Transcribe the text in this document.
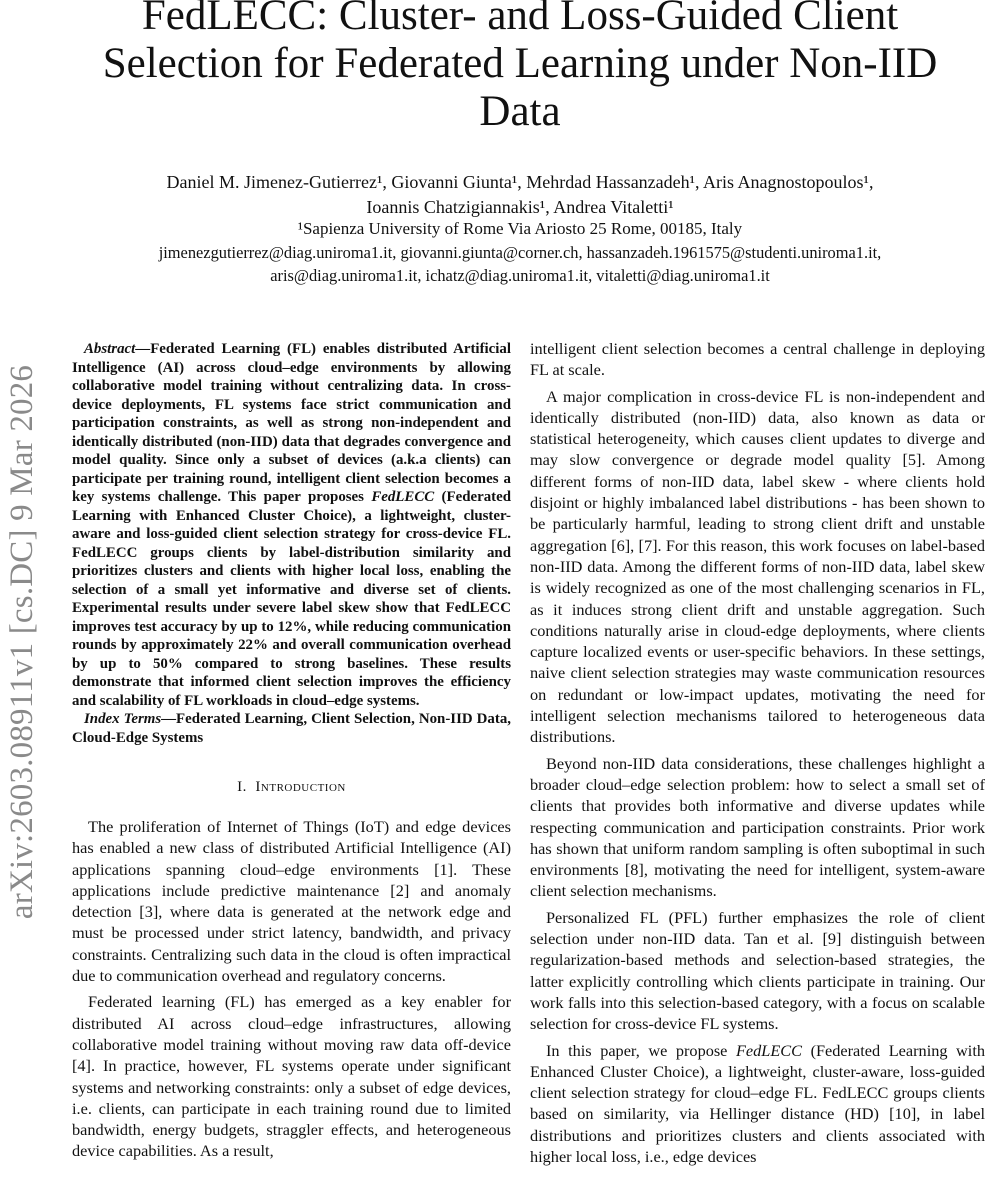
arXiv:2603.08911v1 [cs.DC] 9 Mar 2026
FedLECC: Cluster- and Loss-Guided Client Selection for Federated Learning under Non-IID Data
Daniel M. Jimenez-Gutierrez¹, Giovanni Giunta¹, Mehrdad Hassanzadeh¹, Aris Anagnostopoulos¹,
Ioannis Chatzigiannakis¹, Andrea Vitaletti¹
¹Sapienza University of Rome Via Ariosto 25 Rome, 00185, Italy
jimenezgutierrez@diag.uniroma1.it, giovanni.giunta@corner.ch, hassanzadeh.1961575@studenti.uniroma1.it,
aris@diag.uniroma1.it, ichatz@diag.uniroma1.it, vitaletti@diag.uniroma1.it

Abstract—Federated Learning (FL) enables distributed Artificial Intelligence (AI) across cloud–edge environments by allowing collaborative model training without centralizing data. In cross-device deployments, FL systems face strict communication and participation constraints, as well as strong non-independent and identically distributed (non-IID) data that degrades convergence and model quality. Since only a subset of devices (a.k.a clients) can participate per training round, intelligent client selection becomes a key systems challenge. This paper proposes FedLECC (Federated Learning with Enhanced Cluster Choice), a lightweight, cluster-aware and loss-guided client selection strategy for cross-device FL. FedLECC groups clients by label-distribution similarity and prioritizes clusters and clients with higher local loss, enabling the selection of a small yet informative and diverse set of clients. Experimental results under severe label skew show that FedLECC improves test accuracy by up to 12%, while reducing communication rounds by approximately 22% and overall communication overhead by up to 50% compared to strong baselines. These results demonstrate that informed client selection improves the efficiency and scalability of FL workloads in cloud–edge systems.

Index Terms—Federated Learning, Client Selection, Non-IID Data, Cloud-Edge Systems

I. Introduction

The proliferation of Internet of Things (IoT) and edge devices has enabled a new class of distributed Artificial Intelligence (AI) applications spanning cloud–edge environments [1]. These applications include predictive maintenance [2] and anomaly detection [3], where data is generated at the network edge and must be processed under strict latency, bandwidth, and privacy constraints. Centralizing such data in the cloud is often impractical due to communication overhead and regulatory concerns.

Federated learning (FL) has emerged as a key enabler for distributed AI across cloud–edge infrastructures, allowing collaborative model training without moving raw data off-device [4]. In practice, however, FL systems operate under significant systems and networking constraints: only a subset of edge devices, i.e. clients, can participate in each training round due to limited bandwidth, energy budgets, straggler effects, and heterogeneous device capabilities. As a result,

intelligent client selection becomes a central challenge in deploying FL at scale.

A major complication in cross-device FL is non-independent and identically distributed (non-IID) data, also known as data or statistical heterogeneity, which causes client updates to diverge and may slow convergence or degrade model quality [5]. Among different forms of non-IID data, label skew - where clients hold disjoint or highly imbalanced label distributions - has been shown to be particularly harmful, leading to strong client drift and unstable aggregation [6], [7]. For this reason, this work focuses on label-based non-IID data. Among the different forms of non-IID data, label skew is widely recognized as one of the most challenging scenarios in FL, as it induces strong client drift and unstable aggregation. Such conditions naturally arise in cloud-edge deployments, where clients capture localized events or user-specific behaviors. In these settings, naive client selection strategies may waste communication resources on redundant or low-impact updates, motivating the need for intelligent selection mechanisms tailored to heterogeneous data distributions.

Beyond non-IID data considerations, these challenges highlight a broader cloud–edge selection problem: how to select a small set of clients that provides both informative and diverse updates while respecting communication and participation constraints. Prior work has shown that uniform random sampling is often suboptimal in such environments [8], motivating the need for intelligent, system-aware client selection mechanisms.

Personalized FL (PFL) further emphasizes the role of client selection under non-IID data. Tan et al. [9] distinguish between regularization-based methods and selection-based strategies, the latter explicitly controlling which clients participate in training. Our work falls into this selection-based category, with a focus on scalable selection for cross-device FL systems.

In this paper, we propose FedLECC (Federated Learning with Enhanced Cluster Choice), a lightweight, cluster-aware, loss-guided client selection strategy for cloud–edge FL. FedLECC groups clients based on similarity, via Hellinger distance (HD) [10], in label distributions and prioritizes clusters and clients associated with higher local loss, i.e., edge devices
